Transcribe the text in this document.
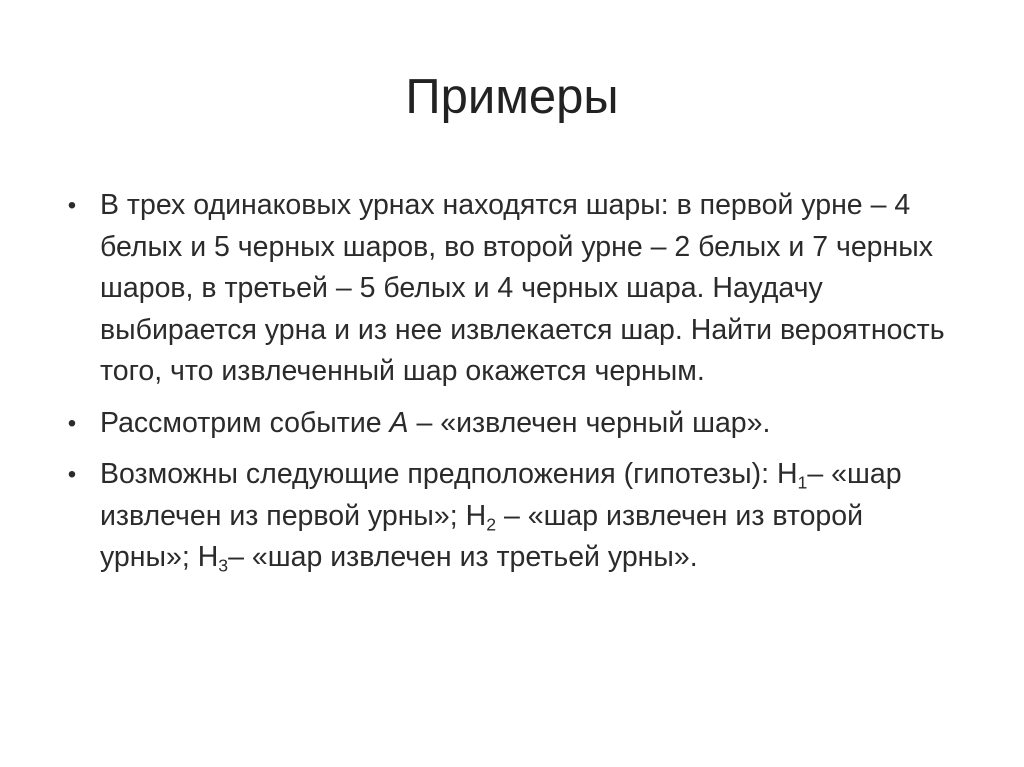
Примеры
• В трех одинаковых урнах находятся шары: в первой урне – 4 белых и 5 черных шаров, во второй урне – 2 белых и 7 черных шаров, в третьей – 5 белых и 4 черных шара. Наудачу выбирается урна и из нее извлекается шар. Найти вероятность того, что извлеченный шар окажется черным.
• Рассмотрим событие A – «извлечен черный шар».
• Возможны следующие предположения (гипотезы): $H_1-$ «шар извлечен из первой урны»; $H_2$ – «шар извлечен из второй урны»; $H_3-$ «шар извлечен из третьей урны».
